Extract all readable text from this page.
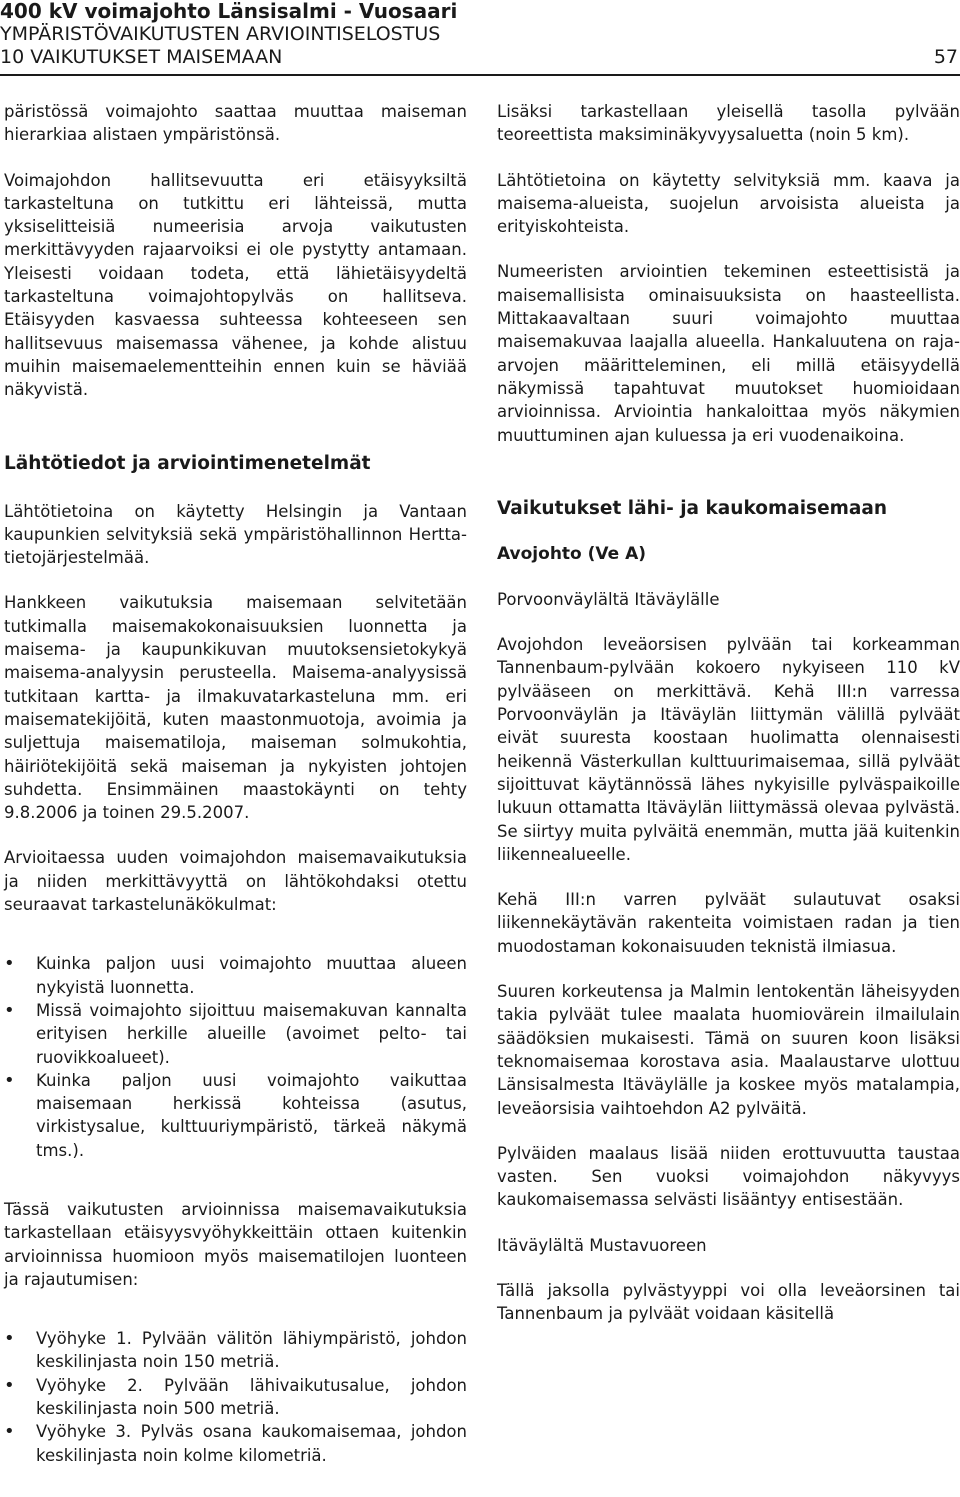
400 kV voimajohto Länsisalmi - Vuosaari
YMPÄRISTÖVAIKUTUSTEN ARVIOINTISELOSTUS
10 VAIKUTUKSET MAISEMAAN	57

päristössä voimajohto saattaa muuttaa maiseman hierarkiaa alistaen ympäristönsä.

Voimajohdon hallitsevuutta eri etäisyyksiltä tarkasteltuna on tutkittu eri lähteissä, mutta yksiselitteisiä numeerisia arvoja vaikutusten merkittävyyden rajaarvoiksi ei ole pystytty antamaan. Yleisesti voidaan todeta, että lähietäisyydeltä tarkasteltuna voimajohtopylväs on hallitseva. Etäisyyden kasvaessa suhteessa kohteeseen sen hallitsevuus maisemassa vähenee, ja kohde alistuu muihin maisemaelementteihin ennen kuin se häviää näkyvistä.

Lähtötiedot ja arviointimenetelmät

Lähtötietoina on käytetty Helsingin ja Vantaan kaupunkien selvityksiä sekä ympäristöhallinnon Hertta-tietojärjestelmää.

Hankkeen vaikutuksia maisemaan selvitetään tutkimalla maisemakokonaisuuksien luonnetta ja maisema- ja kaupunkikuvan muutoksensietokykyä maisema-analyysin perusteella. Maisema-analyysissä tutkitaan kartta- ja ilmakuvatarkasteluna mm. eri maisematekijöitä, kuten maastonmuotoja, avoimia ja suljettuja maisematiloja, maiseman solmukohtia, häiriötekijöitä sekä maiseman ja nykyisten johtojen suhdetta. Ensimmäinen maastokäynti on tehty 9.8.2006 ja toinen 29.5.2007.

Arvioitaessa uuden voimajohdon maisemavaikutuksia ja niiden merkittävyyttä on lähtökohdaksi otettu seuraavat tarkastelunäkökulmat:

• Kuinka paljon uusi voimajohto muuttaa alueen nykyistä luonnetta.
• Missä voimajohto sijoittuu maisemakuvan kannalta erityisen herkille alueille (avoimet pelto- tai ruovikkoalueet).
• Kuinka paljon uusi voimajohto vaikuttaa maisemaan herkissä kohteissa (asutus, virkistysalue, kulttuuriympäristö, tärkeä näkymä tms.).

Tässä vaikutusten arvioinnissa maisemavaikutuksia tarkastellaan etäisyysvyöhykkeittäin ottaen kuitenkin arvioinnissa huomioon myös maisematilojen luonteen ja rajautumisen:

• Vyöhyke 1. Pylvään välitön lähiympäristö, johdon keskilinjasta noin 150 metriä.
• Vyöhyke 2. Pylvään lähivaikutusalue, johdon keskilinjasta noin 500 metriä.
• Vyöhyke 3. Pylväs osana kaukomaisemaa, johdon keskilinjasta noin kolme kilometriä.

Lisäksi tarkastellaan yleisellä tasolla pylvään teoreettista maksiminäkyvyysaluetta (noin 5 km).

Lähtötietoina on käytetty selvityksiä mm. kaava ja maisema-alueista, suojelun arvoisista alueista ja erityiskohteista.

Numeeristen arviointien tekeminen esteettisistä ja maisemallisista ominaisuuksista on haasteellista. Mittakaavaltaan suuri voimajohto muuttaa maisemakuvaa laajalla alueella. Hankaluutena on raja-arvojen määritteleminen, eli millä etäisyydellä näkymissä tapahtuvat muutokset huomioidaan arvioinnissa. Arviointia hankaloittaa myös näkymien muuttuminen ajan kuluessa ja eri vuodenaikoina.

Vaikutukset lähi- ja kaukomaisemaan
Avojohto (Ve A)

Porvoonväylältä Itäväylälle

Avojohdon leveäorsisen pylvään tai korkeamman Tannenbaum-pylvään kokoero nykyiseen 110 kV pylvääseen on merkittävä. Kehä III:n varressa Porvoonväylän ja Itäväylän liittymän välillä pylväät eivät suuresta koostaan huolimatta olennaisesti heikennä Västerkullan kulttuurimaisemaa, sillä pylväät sijoittuvat käytännössä lähes nykyisille pylväspaikoille lukuun ottamatta Itäväylän liittymässä olevaa pylvästä. Se siirtyy muita pylväitä enemmän, mutta jää kuitenkin liikennealueelle.

Kehä III:n varren pylväät sulautuvat osaksi liikennekäytävän rakenteita voimistaen radan ja tien muodostaman kokonaisuuden teknistä ilmiasua.

Suuren korkeutensa ja Malmin lentokentän läheisyyden takia pylväät tulee maalata huomiovärein ilmailulain säädöksien mukaisesti. Tämä on suuren koon lisäksi teknomaisemaa korostava asia. Maalaustarve ulottuu Länsisalmesta Itäväylälle ja koskee myös matalampia, leveäorsisia vaihtoehdon A2 pylväitä.

Pylväiden maalaus lisää niiden erottuvuutta taustaa vasten. Sen vuoksi voimajohdon näkyvyys kaukomaisemassa selvästi lisääntyy entisestään.

Itäväylältä Mustavuoreen

Tällä jaksolla pylvästyyppi voi olla leveäorsinen tai Tannenbaum ja pylväät voidaan käsitellä
